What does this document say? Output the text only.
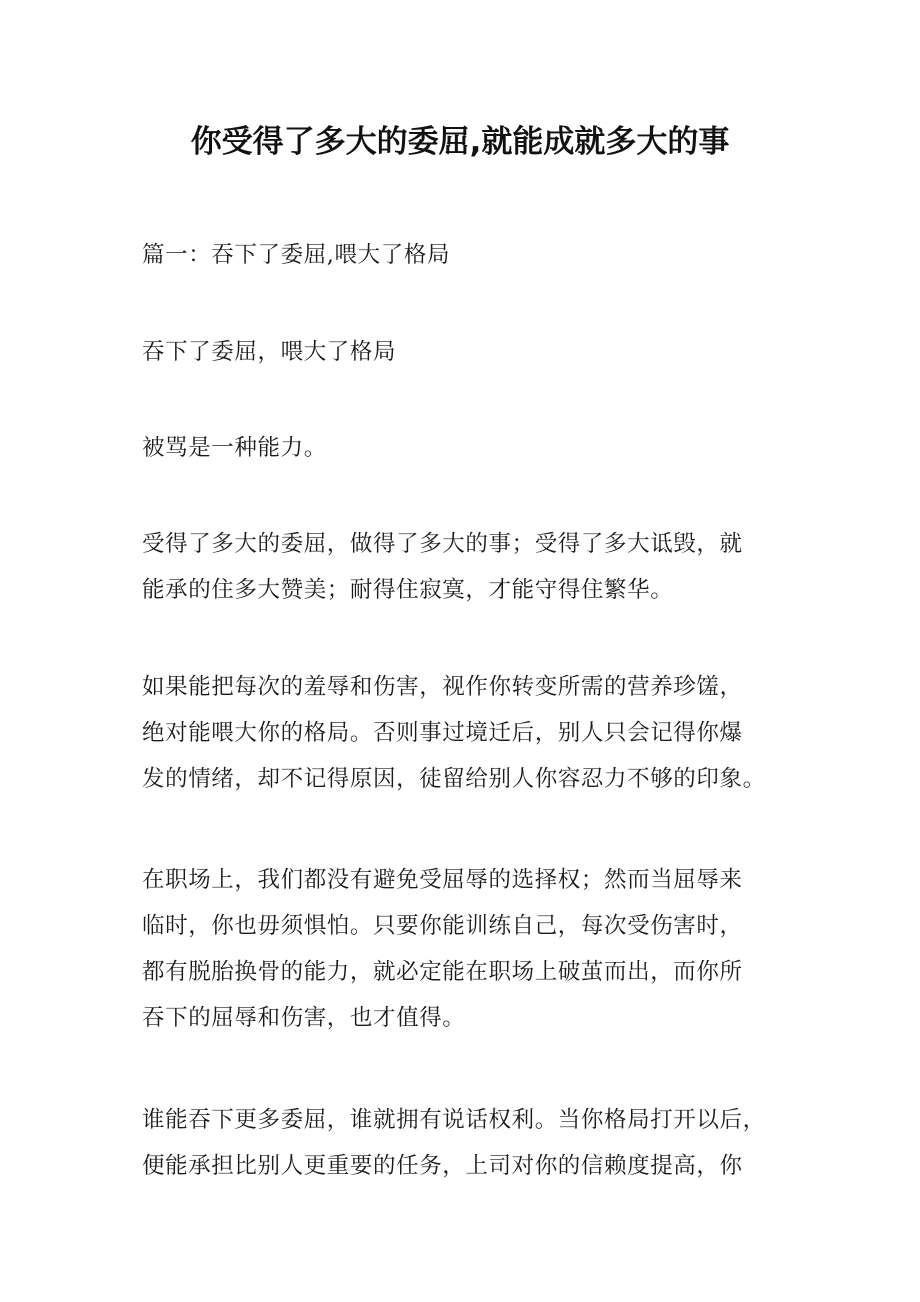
你受得了多大的委屈,就能成就多大的事

篇一：吞下了委屈,喂大了格局

吞下了委屈，喂大了格局

被骂是一种能力。

受得了多大的委屈，做得了多大的事；受得了多大诋毁，就
能承的住多大赞美；耐得住寂寞，才能守得住繁华。

如果能把每次的羞辱和伤害，视作你转变所需的营养珍馐，
绝对能喂大你的格局。否则事过境迁后，别人只会记得你爆
发的情绪，却不记得原因，徒留给别人你容忍力不够的印象。

在职场上，我们都没有避免受屈辱的选择权；然而当屈辱来
临时，你也毋须惧怕。只要你能训练自己，每次受伤害时，
都有脱胎换骨的能力，就必定能在职场上破茧而出，而你所
吞下的屈辱和伤害，也才值得。

谁能吞下更多委屈，谁就拥有说话权利。当你格局打开以后，
便能承担比别人更重要的任务，上司对你的信赖度提高，你
